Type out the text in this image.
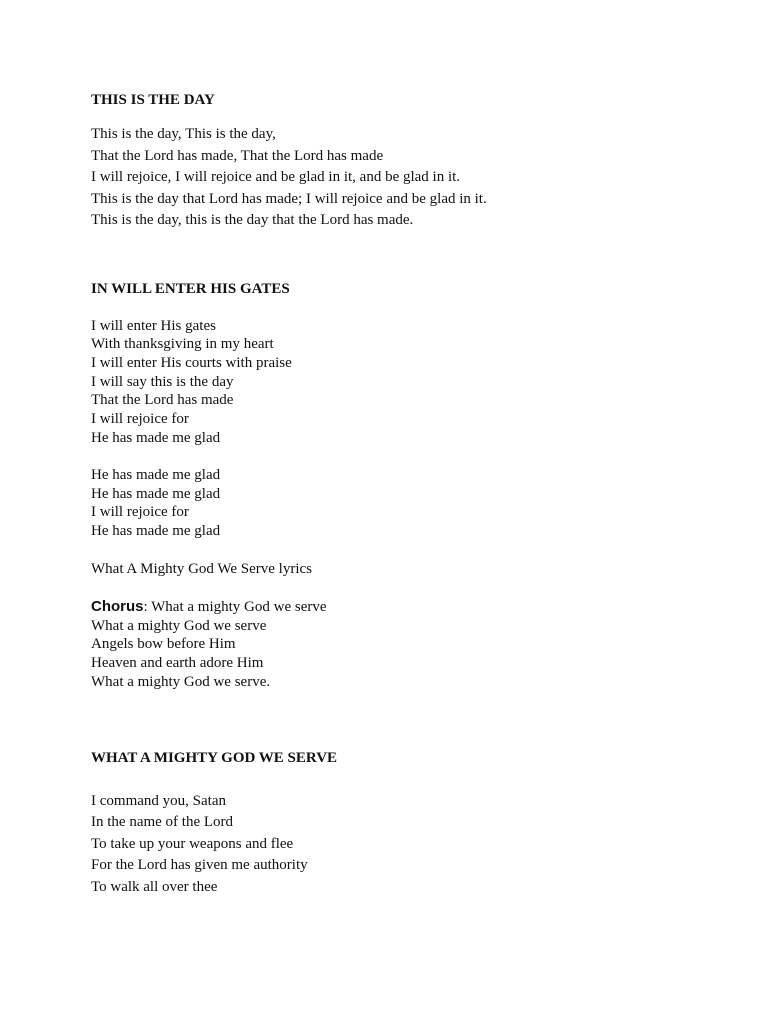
THIS IS THE DAY
This is the day, This is the day,
That the Lord has made, That the Lord has made
I will rejoice, I will rejoice and be glad in it, and be glad in it.
This is the day that Lord has made; I will rejoice and be glad in it.
This is the day, this is the day that the Lord has made.
IN WILL ENTER HIS GATES
I will enter His gates
With thanksgiving in my heart
I will enter His courts with praise
I will say this is the day
That the Lord has made
I will rejoice for
He has made me glad
He has made me glad
He has made me glad
I will rejoice for
He has made me glad
What A Mighty God We Serve lyrics
Chorus: What a mighty God we serve
What a mighty God we serve
Angels bow before Him
Heaven and earth adore Him
What a mighty God we serve.
WHAT A MIGHTY GOD WE SERVE
I command you, Satan
In the name of the Lord
To take up your weapons and flee
For the Lord has given me authority
To walk all over thee
